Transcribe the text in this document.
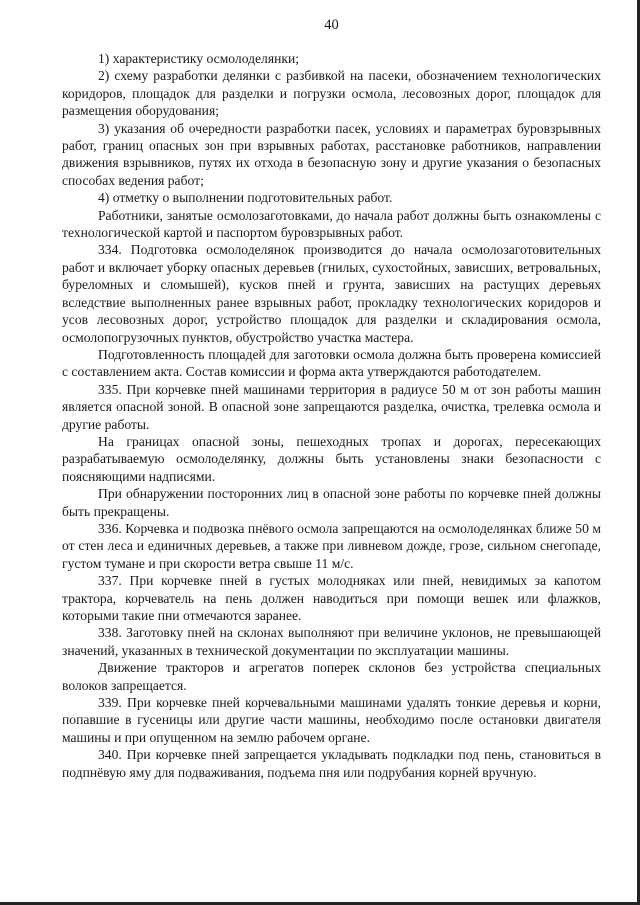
40

1) характеристику осмолоделянки;

2) схему разработки делянки с разбивкой на пасеки, обозначением технологических коридоров, площадок для разделки и погрузки осмола, лесовозных дорог, площадок для размещения оборудования;

3) указания об очередности разработки пасек, условиях и параметрах буровзрывных работ, границ опасных зон при взрывных работах, расстановке работников, направлении движения взрывников, путях их отхода в безопасную зону и другие указания о безопасных способах ведения работ;

4) отметку о выполнении подготовительных работ.

Работники, занятые осмолозаготовками, до начала работ должны быть ознакомлены с технологической картой и паспортом буровзрывных работ.

334. Подготовка осмолоделянок производится до начала осмолозаготовительных работ и включает уборку опасных деревьев (гнилых, сухостойных, зависших, ветровальных, буреломных и сломышей), кусков пней и грунта, зависших на растущих деревьях вследствие выполненных ранее взрывных работ, прокладку технологических коридоров и усов лесовозных дорог, устройство площадок для разделки и складирования осмола, осмолопогрузочных пунктов, обустройство участка мастера.

Подготовленность площадей для заготовки осмола должна быть проверена комиссией с составлением акта. Состав комиссии и форма акта утверждаются работодателем.

335. При корчевке пней машинами территория в радиусе 50 м от зон работы машин является опасной зоной. В опасной зоне запрещаются разделка, очистка, трелевка осмола и другие работы.

На границах опасной зоны, пешеходных тропах и дорогах, пересекающих разрабатываемую осмолоделянку, должны быть установлены знаки безопасности с поясняющими надписями.

При обнаружении посторонних лиц в опасной зоне работы по корчевке пней должны быть прекращены.

336. Корчевка и подвозка пнёвого осмола запрещаются на осмолоделянках ближе 50 м от стен леса и единичных деревьев, а также при ливневом дожде, грозе, сильном снегопаде, густом тумане и при скорости ветра свыше 11 м/с.

337. При корчевке пней в густых молодняках или пней, невидимых за капотом трактора, корчеватель на пень должен наводиться при помощи вешек или флажков, которыми такие пни отмечаются заранее.

338. Заготовку пней на склонах выполняют при величине уклонов, не превышающей значений, указанных в технической документации по эксплуатации машины.

Движение тракторов и агрегатов поперек склонов без устройства специальных волоков запрещается.

339. При корчевке пней корчевальными машинами удалять тонкие деревья и корни, попавшие в гусеницы или другие части машины, необходимо после остановки двигателя машины и при опущенном на землю рабочем органе.

340. При корчевке пней запрещается укладывать подкладки под пень, становиться в подпнёвую яму для подваживания, подъема пня или подрубания корней вручную.
